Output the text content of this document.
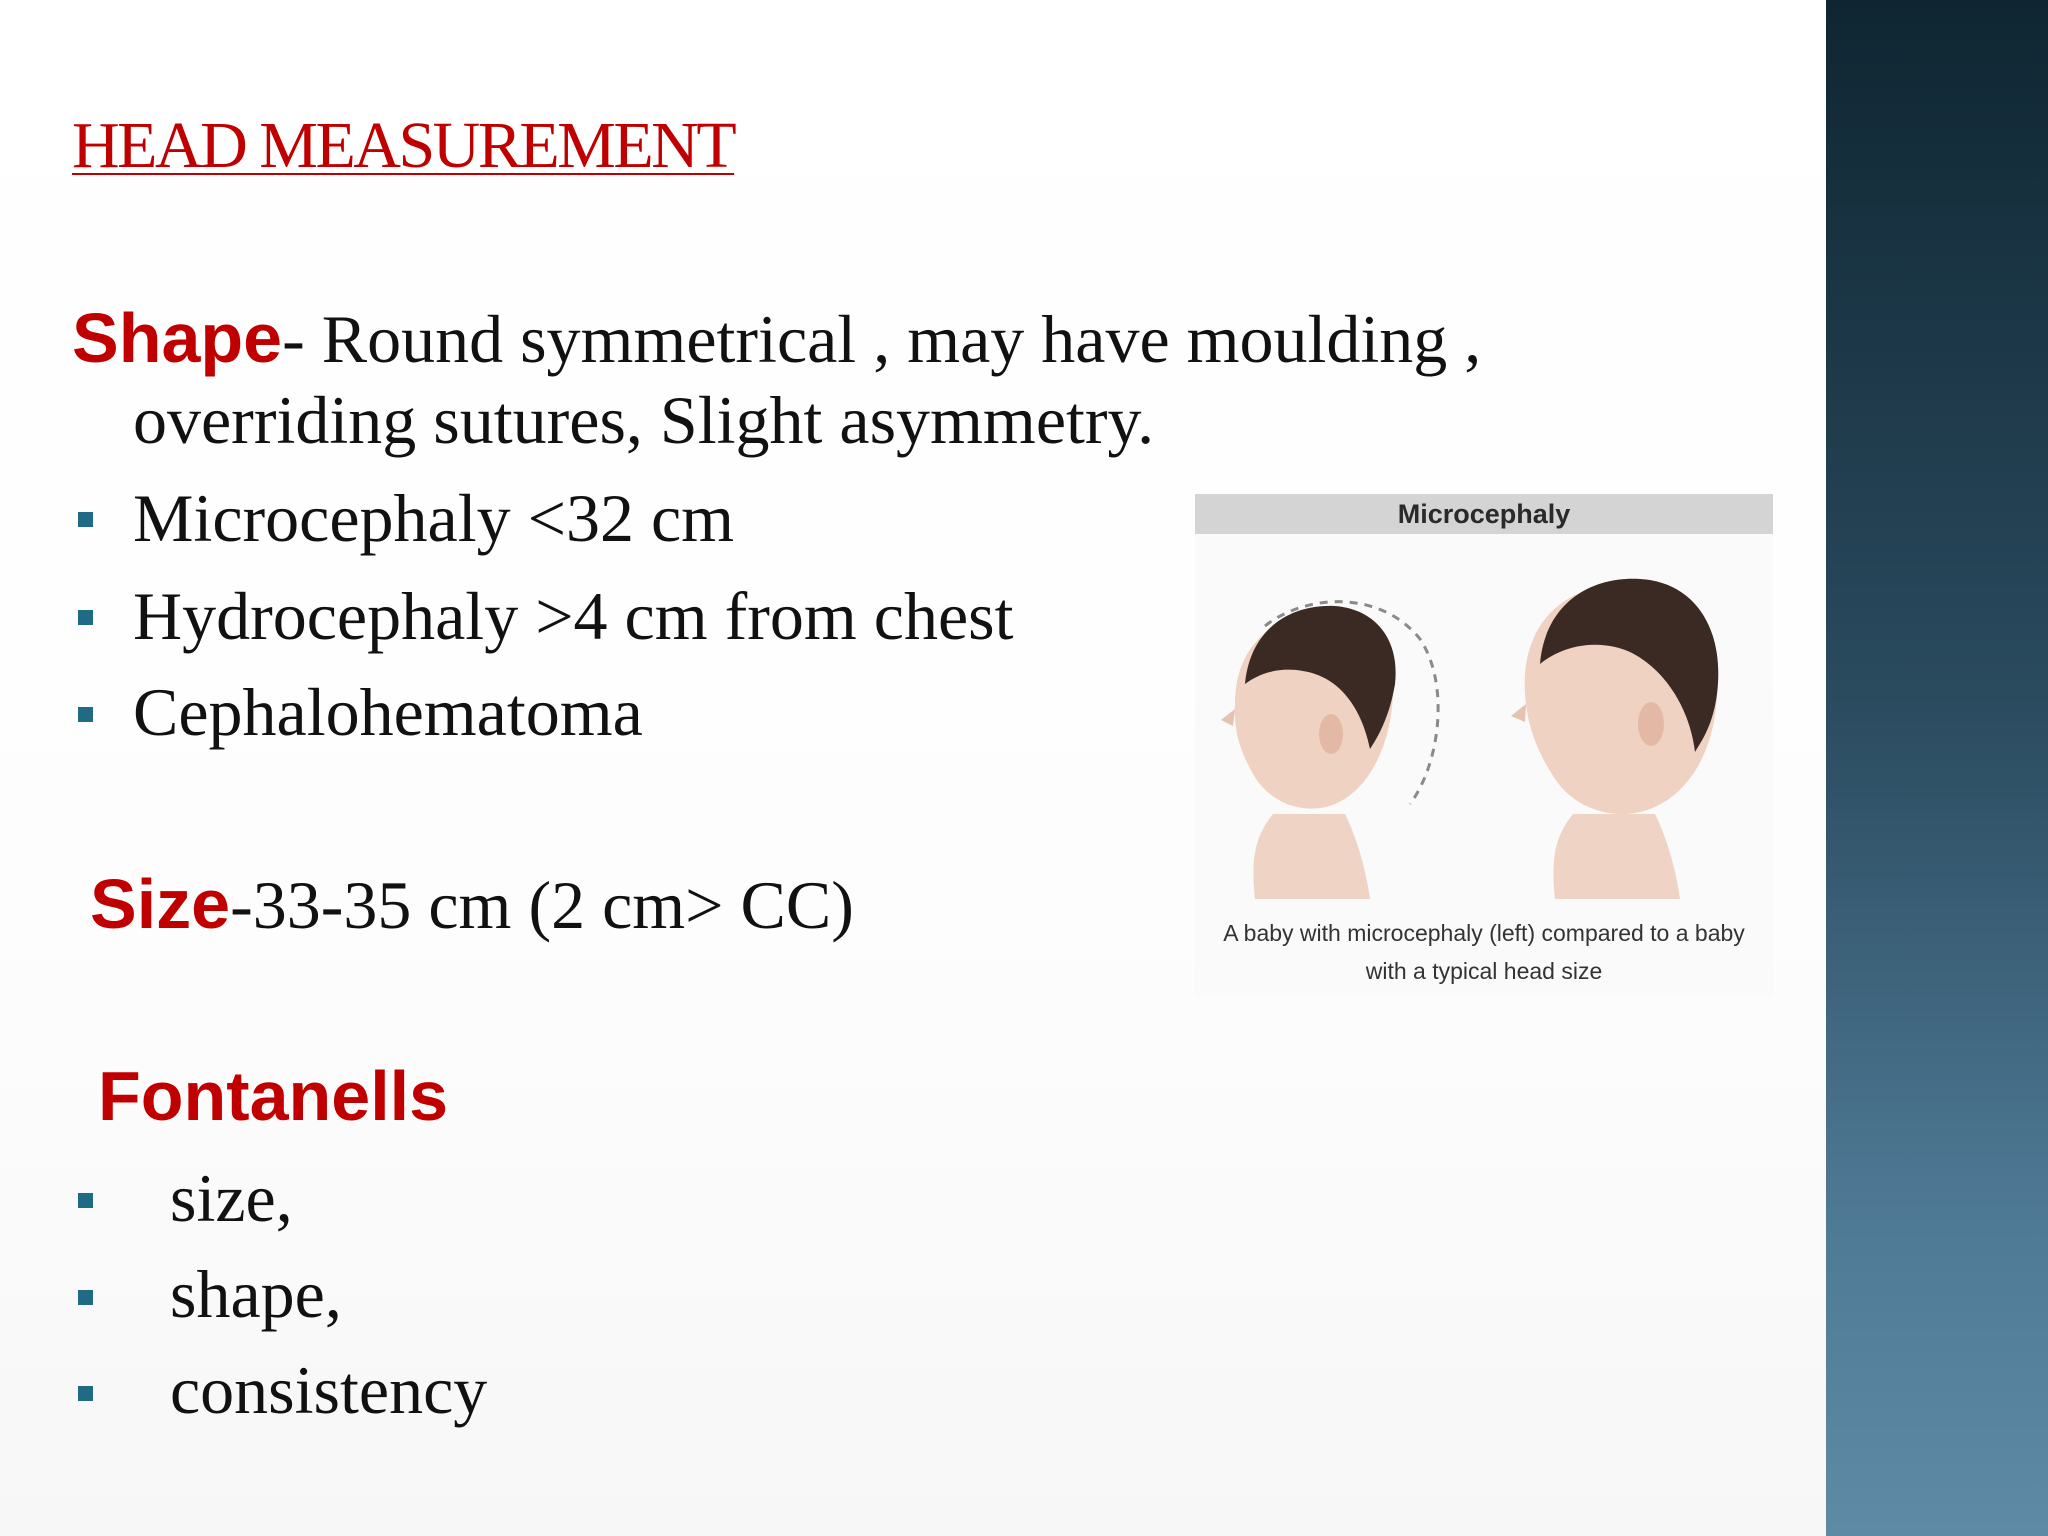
HEAD MEASUREMENT
Shape- Round symmetrical , may have moulding ,
overriding sutures, Slight asymmetry.
Microcephaly <32 cm
Hydrocephaly >4 cm from chest
Cephalohematoma
Size-33-35 cm (2 cm> CC)
Fontanells
size,
shape,
consistency
Microcephaly
A baby with microcephaly (left) compared to a baby
with a typical head size
